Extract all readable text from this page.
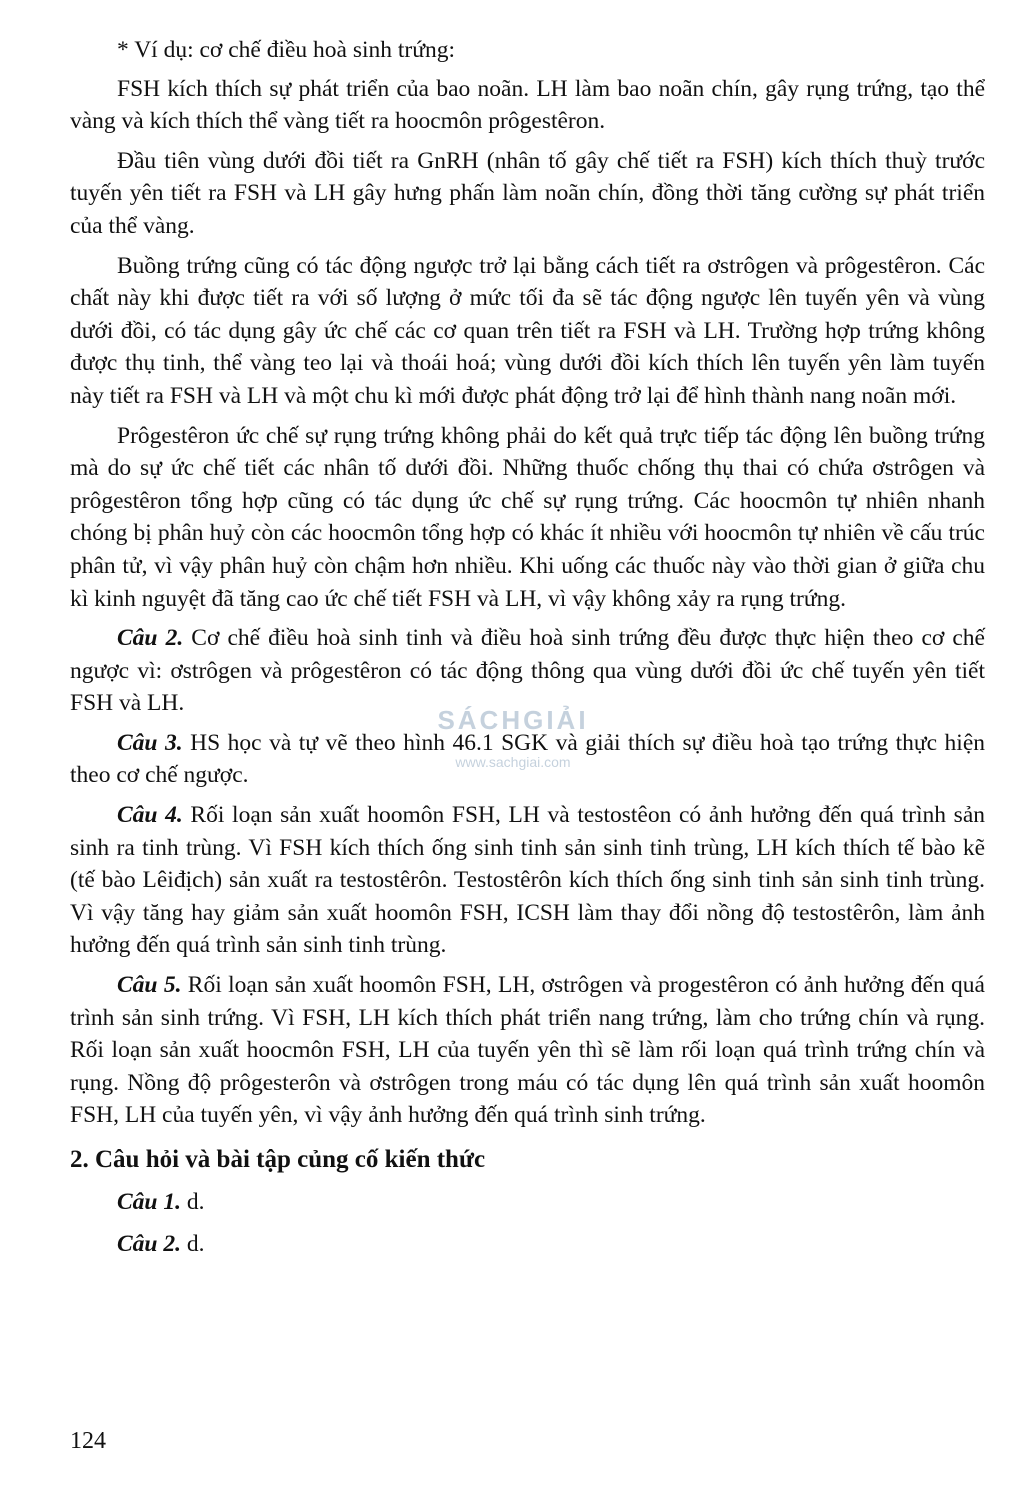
* Ví dụ: cơ chế điều hoà sinh trứng:

FSH kích thích sự phát triển của bao noãn. LH làm bao noãn chín, gây rụng trứng, tạo thể vàng và kích thích thể vàng tiết ra hoocmôn prôgestêron.

Đầu tiên vùng dưới đồi tiết ra GnRH (nhân tố gây chế tiết ra FSH) kích thích thuỳ trước tuyến yên tiết ra FSH và LH gây hưng phấn làm noãn chín, đồng thời tăng cường sự phát triển của thể vàng.

Buồng trứng cũng có tác động ngược trở lại bằng cách tiết ra ơstrôgen và prôgestêron. Các chất này khi được tiết ra với số lượng ở mức tối đa sẽ tác động ngược lên tuyến yên và vùng dưới đồi, có tác dụng gây ức chế các cơ quan trên tiết ra FSH và LH. Trường hợp trứng không được thụ tinh, thể vàng teo lại và thoái hoá; vùng dưới đồi kích thích lên tuyến yên làm tuyến này tiết ra FSH và LH và một chu kì mới được phát động trở lại để hình thành nang noãn mới.

Prôgestêron ức chế sự rụng trứng không phải do kết quả trực tiếp tác động lên buồng trứng mà do sự ức chế tiết các nhân tố dưới đồi. Những thuốc chống thụ thai có chứa ơstrôgen và prôgestêron tổng hợp cũng có tác dụng ức chế sự rụng trứng. Các hoocmôn tự nhiên nhanh chóng bị phân huỷ còn các hoocmôn tổng hợp có khác ít nhiều với hoocmôn tự nhiên về cấu trúc phân tử, vì vậy phân huỷ còn chậm hơn nhiều. Khi uống các thuốc này vào thời gian ở giữa chu kì kinh nguyệt đã tăng cao ức chế tiết FSH và LH, vì vậy không xảy ra rụng trứng.

Câu 2. Cơ chế điều hoà sinh tinh và điều hoà sinh trứng đều được thực hiện theo cơ chế ngược vì: ơstrôgen và prôgestêron có tác động thông qua vùng dưới đồi ức chế tuyến yên tiết FSH và LH.

Câu 3. HS học và tự vẽ theo hình 46.1 SGK và giải thích sự điều hoà tạo trứng thực hiện theo cơ chế ngược.

Câu 4. Rối loạn sản xuất hoomôn FSH, LH và testostêon có ảnh hưởng đến quá trình sản sinh ra tinh trùng. Vì FSH kích thích ống sinh tinh sản sinh tinh trùng, LH kích thích tế bào kẽ (tế bào Lêiđịch) sản xuất ra testostêrôn. Testostêrôn kích thích ống sinh tinh sản sinh tinh trùng. Vì vậy tăng hay giảm sản xuất hoomôn FSH, ICSH làm thay đổi nồng độ testostêrôn, làm ảnh hưởng đến quá trình sản sinh tinh trùng.

Câu 5. Rối loạn sản xuất hoomôn FSH, LH, ơstrôgen và progestêron có ảnh hưởng đến quá trình sản sinh trứng. Vì FSH, LH kích thích phát triển nang trứng, làm cho trứng chín và rụng. Rối loạn sản xuất hoocmôn FSH, LH của tuyến yên thì sẽ làm rối loạn quá trình trứng chín và rụng. Nồng độ prôgesterôn và ơstrôgen trong máu có tác dụng lên quá trình sản xuất hoomôn FSH, LH của tuyến yên, vì vậy ảnh hưởng đến quá trình sinh trứng.

2. Câu hỏi và bài tập củng cố kiến thức

Câu 1. d.

Câu 2. d.

SÁCHGIẢI
www.sachgiai.com
124
